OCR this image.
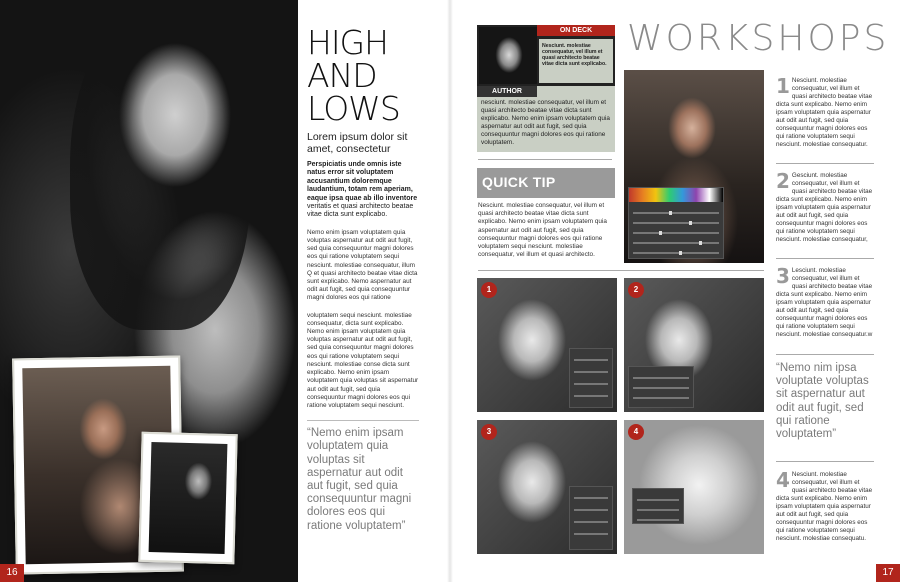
HIGH
AND
LOWS
Lorem ipsum dolor sit amet, consectetur
Perspiciatis unde omnis iste natus error sit voluptatem accusantium doloremque laudantium, totam rem aperiam, eaque ipsa quae ab illo inventore veritatis et quasi architecto beatae vitae dicta sunt explicabo.
Nemo enim ipsam voluptatem quia voluptas aspernatur aut odit aut fugit, sed quia consequuntur magni dolores eos qui ratione voluptatem sequi nesciunt. molestiae consequatur, illum Q et quasi architecto beatae vitae dicta sunt explicabo. Nemo aspernatur aut odit aut fugit, sed quia consequuntur magni dolores eos qui ratione
voluptatem sequi nesciunt. molestiae consequatur, dicta sunt explicabo. Nemo enim ipsam voluptatem quia voluptas aspernatur aut odit aut fugit, sed quia consequuntur magni dolores eos qui ratione voluptatem sequi nesciunt. molestiae conse dicta sunt explicabo. Nemo enim ipsam voluptatem quia voluptas sit aspernatur aut odit aut fugit, sed quia consequuntur magni dolores eos qui ratione voluptatem sequi nesciunt.
“Nemo enim ipsam voluptatem quia voluptas sit aspernatur aut odit aut fugit, sed quia consequuntur magni dolores eos qui ratione voluptatem”
16
ON DECK
Nesciunt. molestiae consequatur, vel illum et quasi architecto beatae vitae dicta sunt explicabo.
AUTHOR
nesciunt. molestiae consequatur, vel illum et quasi architecto beatae vitae dicta sunt explicabo. Nemo enim ipsam voluptatem quia aspernatur aut odit aut fugit, sed quia consequuntur magni dolores eos qui ratione voluptatem.
QUICK TIP
Nesciunt. molestiae consequatur, vel illum et quasi architecto beatae vitae dicta sunt explicabo. Nemo enim ipsam voluptatem quia aspernatur aut odit aut fugit, sed quia consequuntur magni dolores eos qui ratione voluptatem sequi nesciunt. molestiae consequatur, vel illum et quasi architecto.
WORKSHOPS
1	2
3	4
1 Nesciunt. molestiae consequatur, vel illum et quasi architecto beatae vitae dicta sunt explicabo. Nemo enim ipsam voluptatem quia aspernatur aut odit aut fugit, sed quia consequuntur magni dolores eos qui ratione voluptatem sequi nesciunt. molestiae consequatur.
2 Gesciunt. molestiae consequatur, vel illum et quasi architecto beatae vitae dicta sunt explicabo. Nemo enim ipsam voluptatem quia aspernatur aut odit aut fugit, sed quia consequuntur magni dolores eos qui ratione voluptatem sequi nesciunt. molestiae consequatur,
3 Lesciunt. molestiae consequatur, vel illum et quasi architecto beatae vitae dicta sunt explicabo. Nemo enim ipsam voluptatem quia aspernatur aut odit aut fugit, sed quia consequuntur magni dolores eos qui ratione voluptatem sequi nesciunt. molestiae consequatur.w
“Nemo nim ipsa voluptate voluptas sit aspernatur aut odit aut fugit, sed qui ratione voluptatem”
4 Nesciunt. molestiae consequatur, vel illum et quasi architecto beatae vitae dicta sunt explicabo. Nemo enim ipsam voluptatem quia aspernatur aut odit aut fugit, sed quia consequuntur magni dolores eos qui ratione voluptatem sequi nesciunt. molestiae consequatu.
17
